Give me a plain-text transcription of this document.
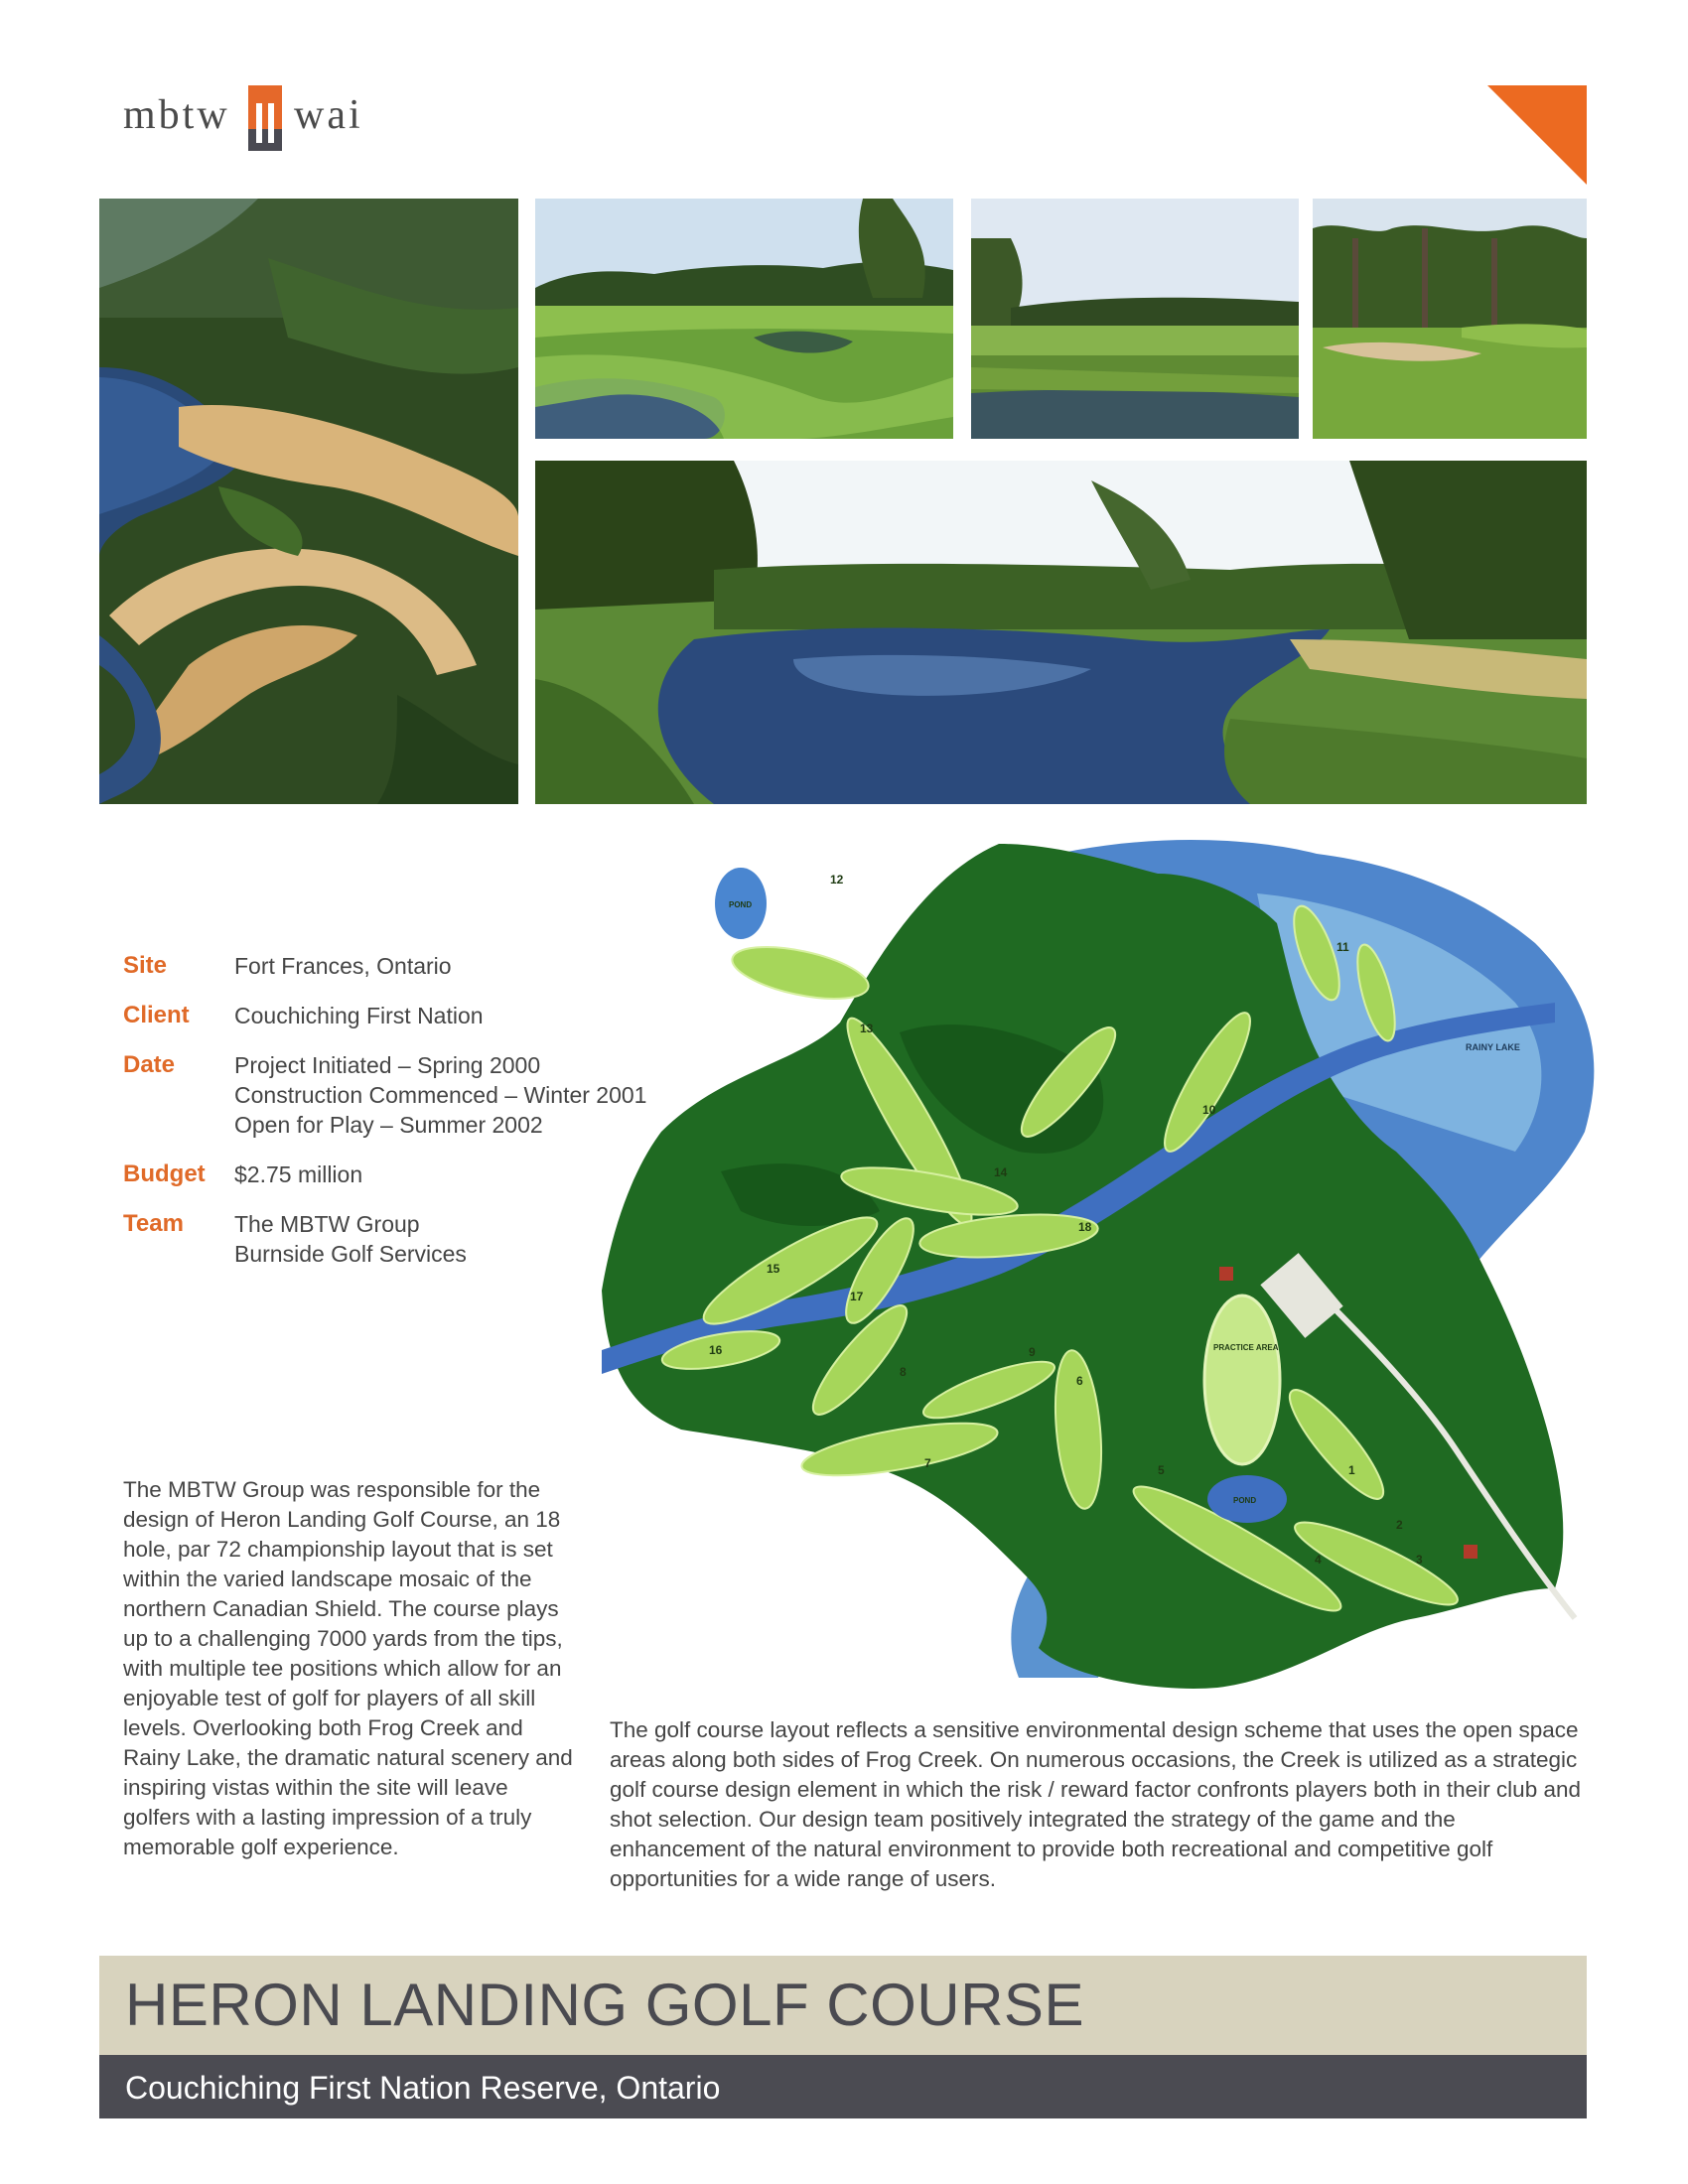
mbtw wai
Site	Fort Frances, Ontario
Client	Couchiching First Nation
Date	Project Initiated – Spring 2000
Construction Commenced – Winter 2001
Open for Play – Summer 2002
Budget	$2.75 million
Team	The MBTW Group
Burnside Golf Services
1
2
3
4
5
6
7
8
9
10
11
12
13
14
15
16
17
18
PRACTICE AREA
POND
POND
RAINY LAKE
The MBTW Group was responsible for the design of Heron Landing Golf Course, an 18 hole, par 72 championship layout that is set within the varied landscape mosaic of the northern Canadian Shield. The course plays up to a challenging 7000 yards from the tips, with multiple tee positions which allow for an enjoyable test of golf for players of all skill levels. Overlooking both Frog Creek and Rainy Lake, the dramatic natural scenery and inspiring vistas within the site will leave golfers with a lasting impression of a truly memorable golf experience.
The golf course layout reflects a sensitive environmental design scheme that uses the open space areas along both sides of Frog Creek. On numerous occasions, the Creek is utilized as a strategic golf course design element in which the risk / reward factor confronts players both in their club and shot selection. Our design team positively integrated the strategy of the game and the enhancement of the natural environment to provide both recreational and competitive golf opportunities for a wide range of users.
HERON LANDING GOLF COURSE
Couchiching First Nation Reserve, Ontario
